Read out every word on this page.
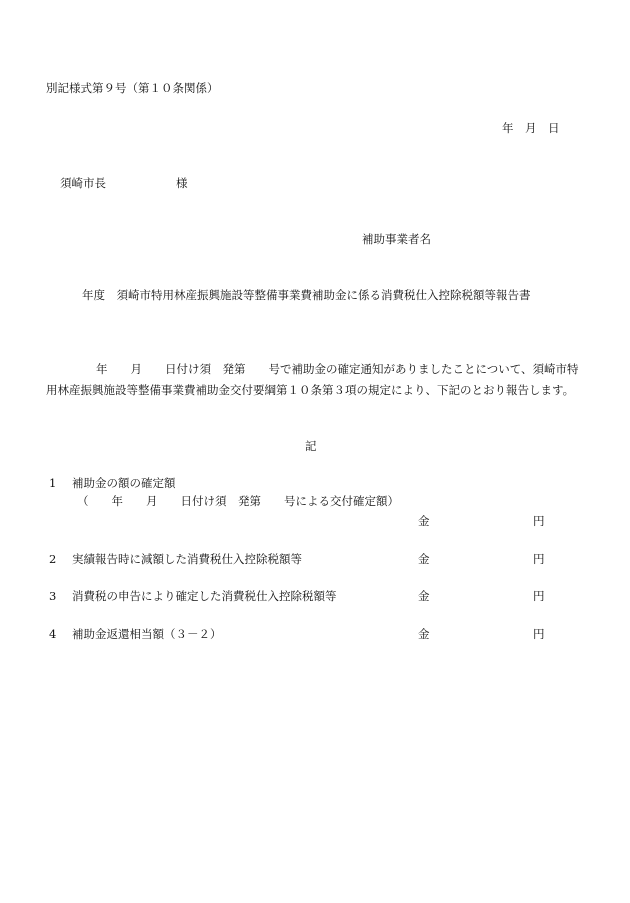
別記様式第９号（第１０条関係）
年　月　日
須崎市長	様
補助事業者名
年度　須崎市特用林産振興施設等整備事業費補助金に係る消費税仕入控除税額等報告書

年　　月　　日付け須　発第　　号で補助金の確定通知がありましたことについて、須崎市特用林産振興施設等整備事業費補助金交付要綱第１０条第３項の規定により、下記のとおり報告します。

記
1 補助金の額の確定額
（　　年　　月　　日付け須　発第　　号による交付確定額）
金	円
2 実績報告時に減額した消費税仕入控除税額等	金	円
3 消費税の申告により確定した消費税仕入控除税額等	金	円
4 補助金返還相当額（３－２）	金	円
